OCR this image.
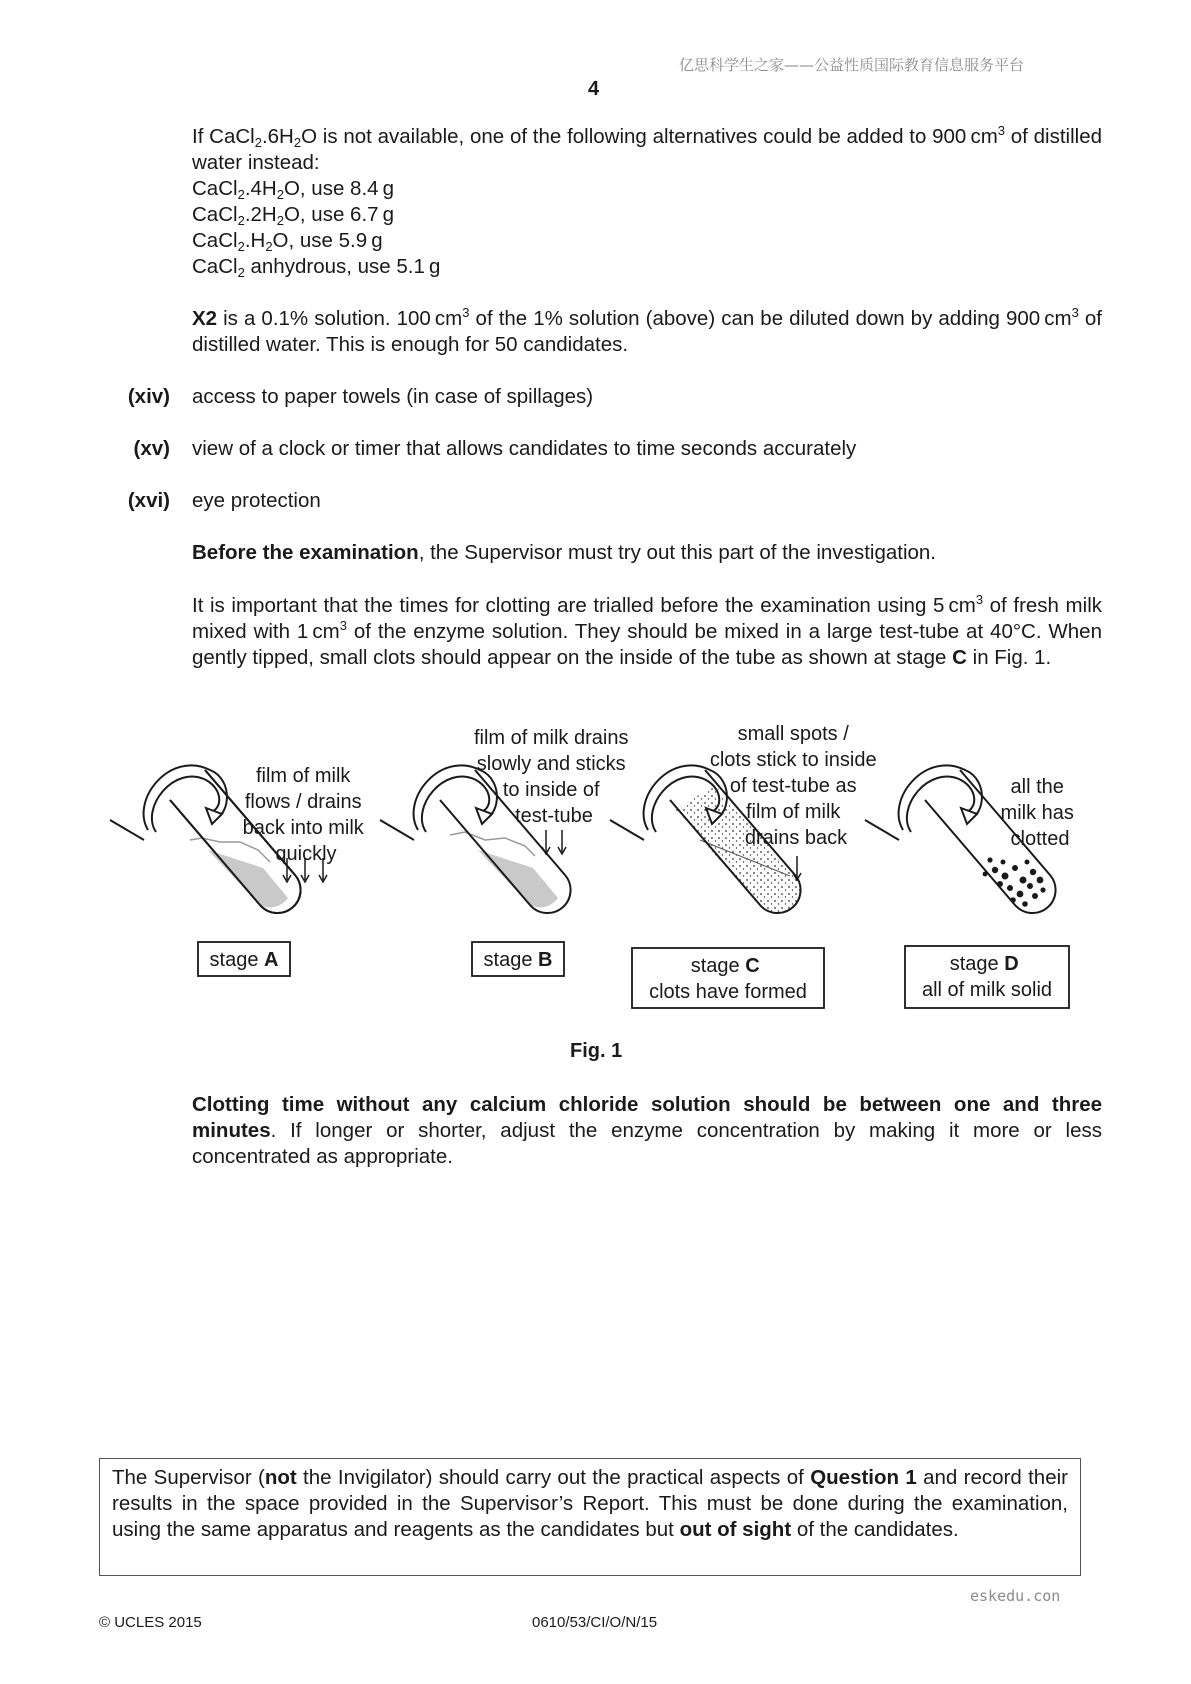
亿思科学生之家——公益性质国际教育信息服务平台
4
If $CaCl_2.6H_2O$ is not available, one of the following alternatives could be added to 900 $cm^3$ of distilled water instead:
$CaCl_2.4H_2O$, use 8.4 g
$CaCl_2.2H_2O$, use 6.7 g
$CaCl_2.H_2O$, use 5.9 g
CaCl$_2$ anhydrous, use 5.1 g
X2 is a 0.1% solution. 100 $cm^3$ of the 1% solution (above) can be diluted down by adding 900 $cm^3$ of distilled water. This is enough for 50 candidates.
(xiv) access to paper towels (in case of spillages)
(xv) view of a clock or timer that allows candidates to time seconds accurately
(xvi) eye protection
Before the examination, the Supervisor must try out this part of the investigation.
It is important that the times for clotting are trialled before the examination using 5 $cm^3$ of fresh milk mixed with 1 $cm^3$ of the enzyme solution. They should be mixed in a large test-tube at 40°C. When gently tipped, small clots should appear on the inside of the tube as shown at stage C in Fig. 1.
film of milk flows / drains back into milk quickly
stage A
film of milk drains slowly and sticks to inside of test-tube
stage B
small spots / clots stick to inside of test-tube as film of milk drains back
stage C clots have formed
all the milk has clotted
stage D all of milk solid
Fig. 1
Clotting time without any calcium chloride solution should be between one and three minutes. If longer or shorter, adjust the enzyme concentration by making it more or less concentrated as appropriate.
The Supervisor (not the Invigilator) should carry out the practical aspects of Question 1 and record their results in the space provided in the Supervisor’s Report. This must be done during the examination, using the same apparatus and reagents as the candidates but out of sight of the candidates.
eskedu.con
© UCLES 2015	0610/53/CI/O/N/15
